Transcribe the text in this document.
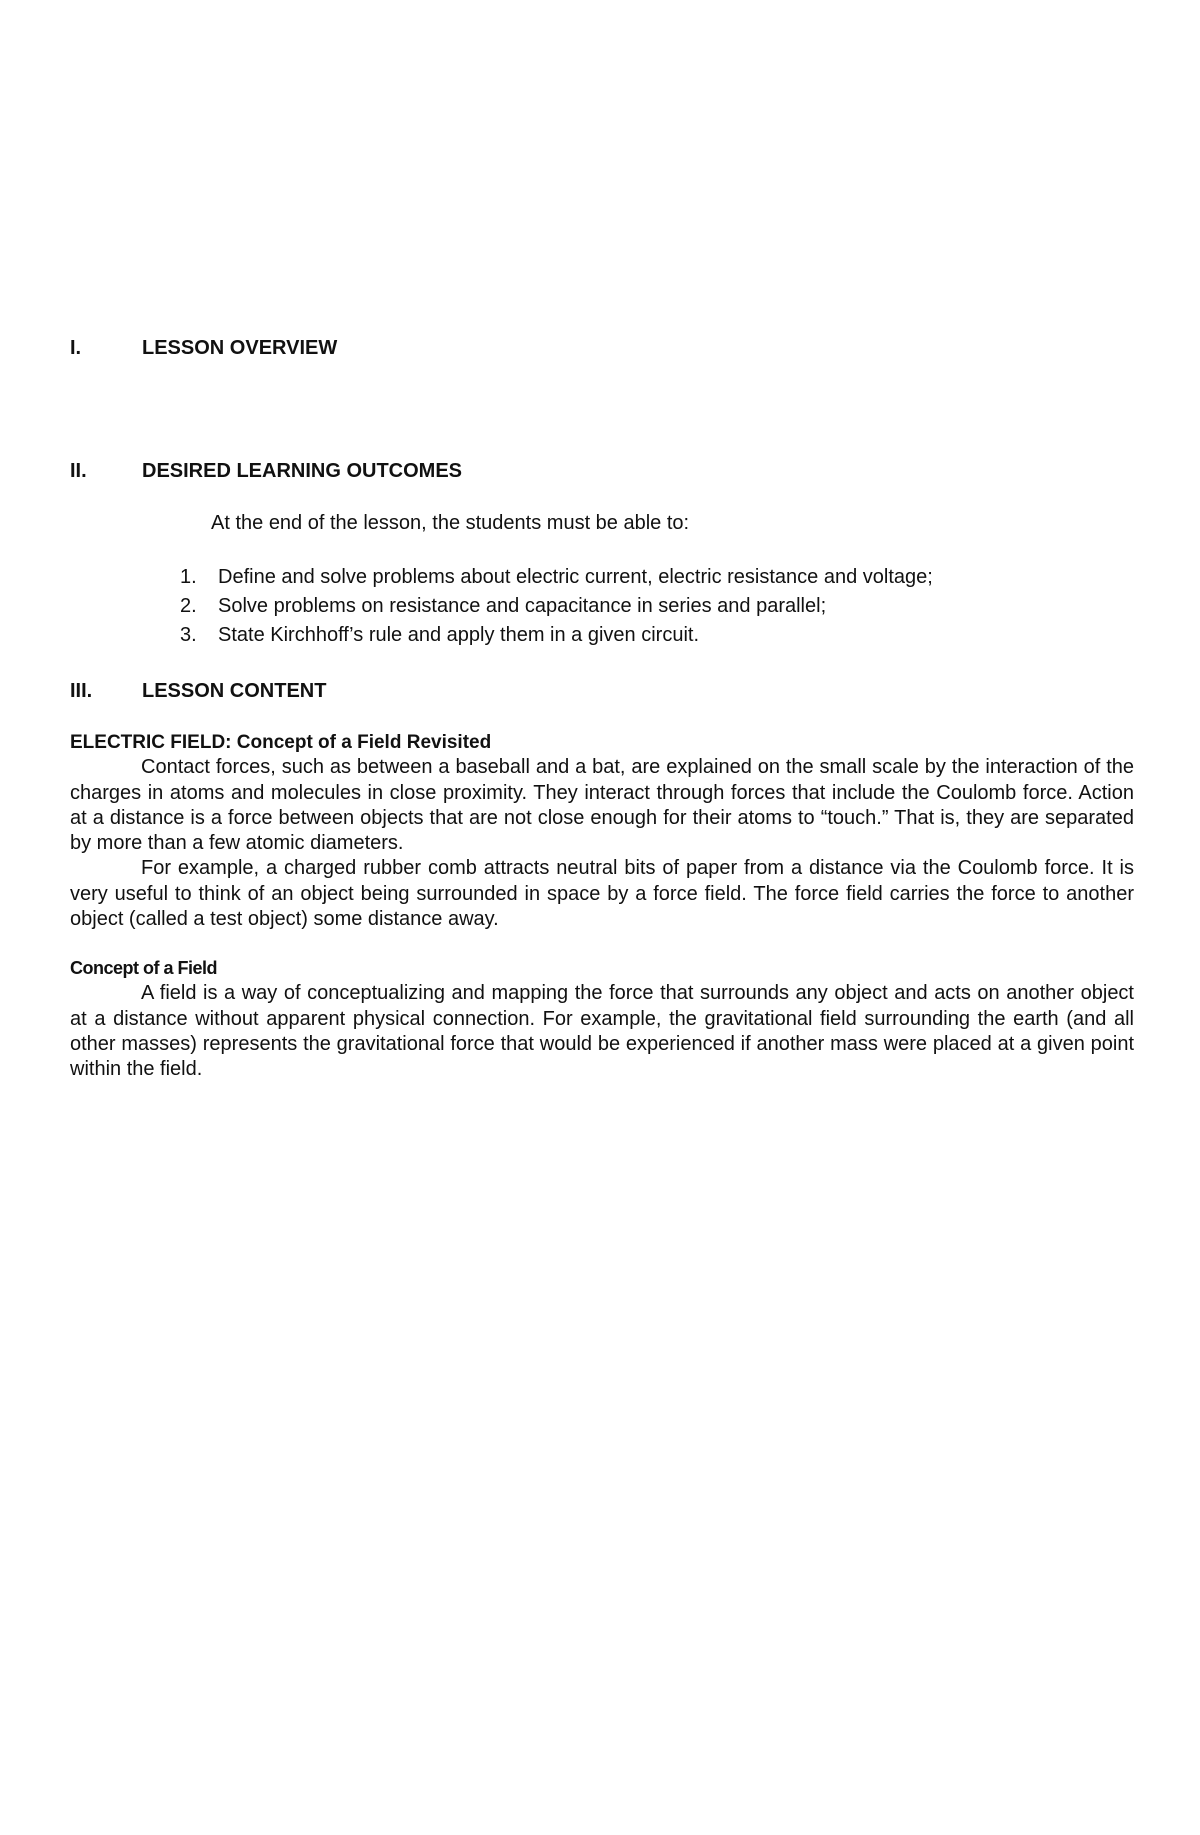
I.	LESSON OVERVIEW
II.	DESIRED LEARNING OUTCOMES
At the end of the lesson, the students must be able to:
1.	Define and solve problems about electric current, electric resistance and voltage;
2.	Solve problems on resistance and capacitance in series and parallel;
3.	State Kirchhoff’s rule and apply them in a given circuit.
III.	LESSON CONTENT
ELECTRIC FIELD: Concept of a Field Revisited

Contact forces, such as between a baseball and a bat, are explained on the small scale by the interaction of the charges in atoms and molecules in close proximity. They interact through forces that include the Coulomb force. Action at a distance is a force between objects that are not close enough for their atoms to “touch.” That is, they are separated by more than a few atomic diameters.

For example, a charged rubber comb attracts neutral bits of paper from a distance via the Coulomb force. It is very useful to think of an object being surrounded in space by a force field. The force field carries the force to another object (called a test object) some distance away.

Concept of a Field

A field is a way of conceptualizing and mapping the force that surrounds any object and acts on another object at a distance without apparent physical connection. For example, the gravitational field surrounding the earth (and all other masses) represents the gravitational force that would be experienced if another mass were placed at a given point within the field.
